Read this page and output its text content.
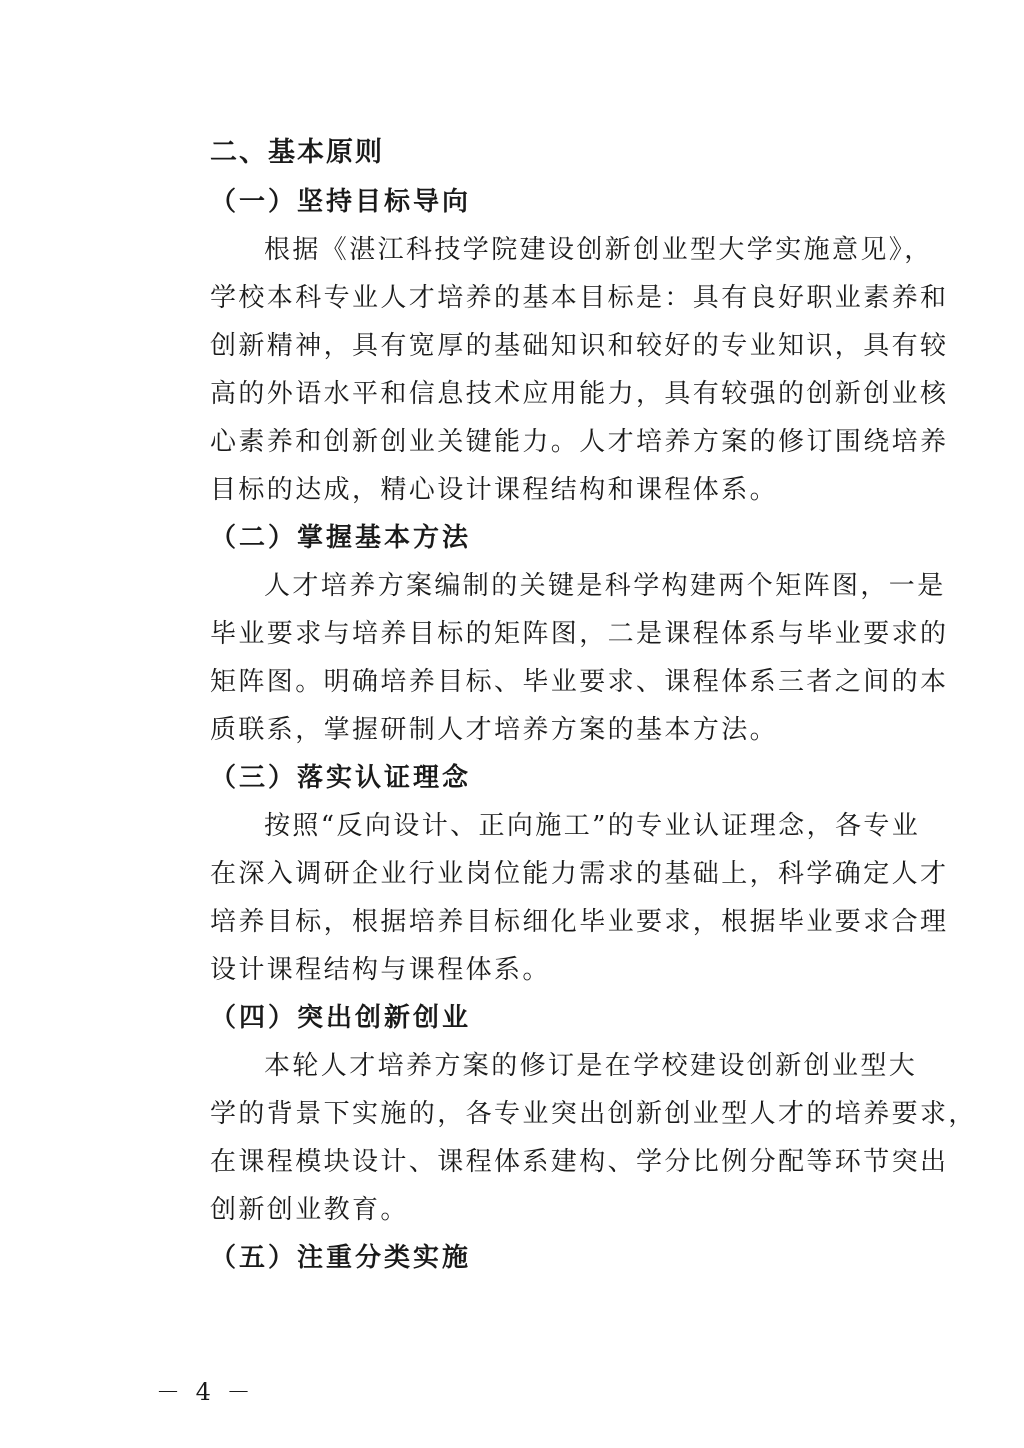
二、基本原则
（一）坚持目标导向
根据《湛江科技学院建设创新创业型大学实施意见》，
学校本科专业人才培养的基本目标是：具有良好职业素养和
创新精神，具有宽厚的基础知识和较好的专业知识，具有较
高的外语水平和信息技术应用能力，具有较强的创新创业核
心素养和创新创业关键能力。人才培养方案的修订围绕培养
目标的达成，精心设计课程结构和课程体系。
（二）掌握基本方法
人才培养方案编制的关键是科学构建两个矩阵图，一是
毕业要求与培养目标的矩阵图，二是课程体系与毕业要求的
矩阵图。明确培养目标、毕业要求、课程体系三者之间的本
质联系，掌握研制人才培养方案的基本方法。
（三）落实认证理念
按照“反向设计、正向施工”的专业认证理念，各专业
在深入调研企业行业岗位能力需求的基础上，科学确定人才
培养目标，根据培养目标细化毕业要求，根据毕业要求合理
设计课程结构与课程体系。
（四）突出创新创业
本轮人才培养方案的修订是在学校建设创新创业型大
学的背景下实施的，各专业突出创新创业型人才的培养要求，
在课程模块设计、课程体系建构、学分比例分配等环节突出
创新创业教育。
（五）注重分类实施
－ 4 －
